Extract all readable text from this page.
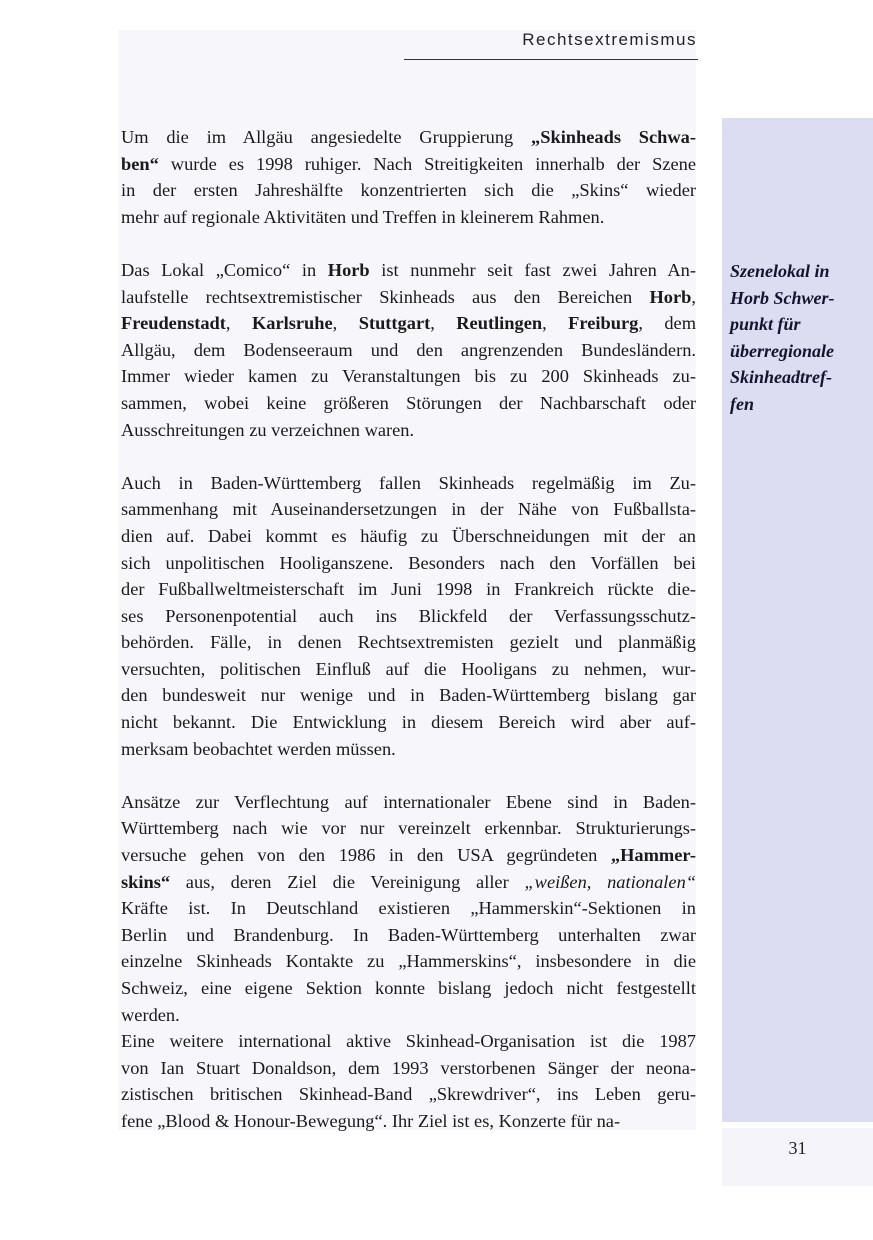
Rechtsextremismus
Szenelokal in
Horb Schwer-
punkt für
überregionale
Skinheadtref-
fen
31

Um die im Allgäu angesiedelte Gruppierung „Skinheads Schwa-
ben“ wurde es 1998 ruhiger. Nach Streitigkeiten innerhalb der Szene
in der ersten Jahreshälfte konzentrierten sich die „Skins“ wieder
mehr auf regionale Aktivitäten und Treffen in kleinerem Rahmen.

Das Lokal „Comico“ in Horb ist nunmehr seit fast zwei Jahren An-
laufstelle rechtsextremistischer Skinheads aus den Bereichen Horb,
Freudenstadt, Karlsruhe, Stuttgart, Reutlingen, Freiburg, dem
Allgäu, dem Bodenseeraum und den angrenzenden Bundesländern.
Immer wieder kamen zu Veranstaltungen bis zu 200 Skinheads zu-
sammen, wobei keine größeren Störungen der Nachbarschaft oder
Ausschreitungen zu verzeichnen waren.

Auch in Baden-Württemberg fallen Skinheads regelmäßig im Zu-
sammenhang mit Auseinandersetzungen in der Nähe von Fußballsta-
dien auf. Dabei kommt es häufig zu Überschneidungen mit der an
sich unpolitischen Hooliganszene. Besonders nach den Vorfällen bei
der Fußballweltmeisterschaft im Juni 1998 in Frankreich rückte die-
ses Personenpotential auch ins Blickfeld der Verfassungsschutz-
behörden. Fälle, in denen Rechtsextremisten gezielt und planmäßig
versuchten, politischen Einfluß auf die Hooligans zu nehmen, wur-
den bundesweit nur wenige und in Baden-Württemberg bislang gar
nicht bekannt. Die Entwicklung in diesem Bereich wird aber auf-
merksam beobachtet werden müssen.

Ansätze zur Verflechtung auf internationaler Ebene sind in Baden-
Württemberg nach wie vor nur vereinzelt erkennbar. Strukturierungs-
versuche gehen von den 1986 in den USA gegründeten „Hammer-
skins“ aus, deren Ziel die Vereinigung aller „weißen, nationalen“
Kräfte ist. In Deutschland existieren „Hammerskin“-Sektionen in
Berlin und Brandenburg. In Baden-Württemberg unterhalten zwar
einzelne Skinheads Kontakte zu „Hammerskins“, insbesondere in die
Schweiz, eine eigene Sektion konnte bislang jedoch nicht festgestellt
werden.

Eine weitere international aktive Skinhead-Organisation ist die 1987
von Ian Stuart Donaldson, dem 1993 verstorbenen Sänger der neona-
zistischen britischen Skinhead-Band „Skrewdriver“, ins Leben geru-
fene „Blood & Honour-Bewegung“. Ihr Ziel ist es, Konzerte für na-
